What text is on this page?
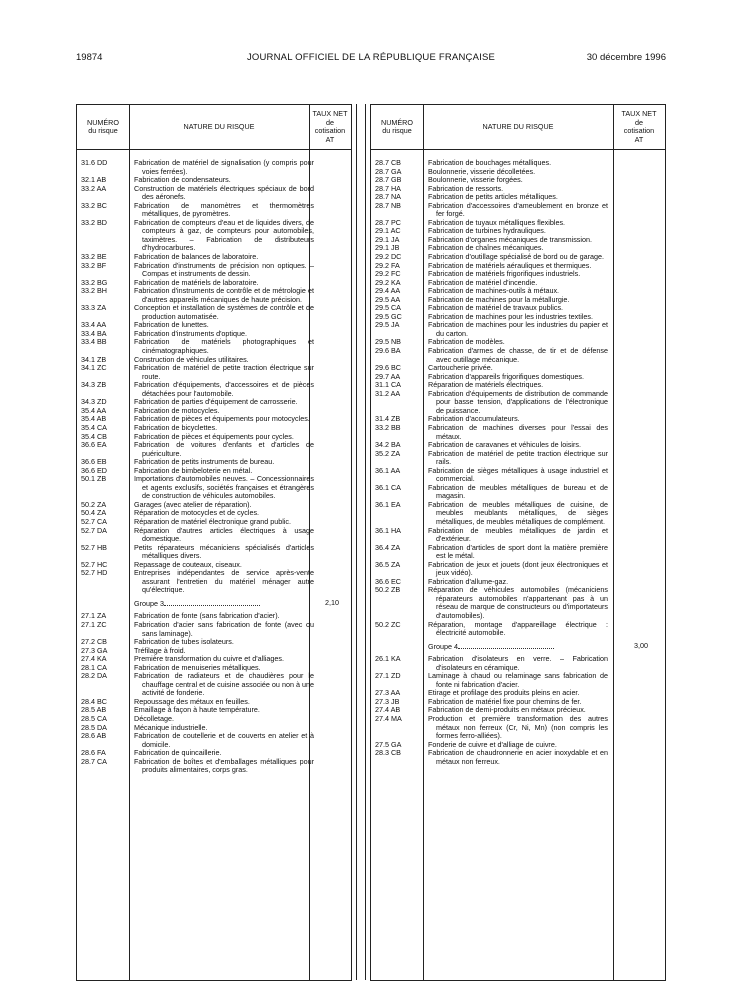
19874	JOURNAL OFFICIEL DE LA RÉPUBLIQUE FRANÇAISE	30 décembre 1996
NUMÉRO
du risque	NATURE DU RISQUE
TAUX NET
de
cotisation
AT
31.6 DD	Fabrication de matériel de signalisation (y compris pour voies ferrées).
32.1 AB	Fabrication de condensateurs.
33.2 AA	Construction de matériels électriques spéciaux de bord des aéronefs.
33.2 BC	Fabrication de manomètres et thermomètres métalliques, de pyromètres.
33.2 BD	Fabrication de compteurs d'eau et de liquides divers, de compteurs à gaz, de compteurs pour automobiles, taximètres. – Fabrication de distributeurs d'hydrocarbures.
33.2 BE	Fabrication de balances de laboratoire.
33.2 BF	Fabrication d'instruments de précision non optiques. – Compas et instruments de dessin.
33.2 BG	Fabrication de matériels de laboratoire.
33.2 BH	Fabrication d'instruments de contrôle et de métrologie et d'autres appareils mécaniques de haute précision.
33.3 ZA	Conception et installation de systèmes de contrôle et de production automatisée.
33.4 AA	Fabrication de lunettes.
33.4 BA	Fabrication d'instruments d'optique.
33.4 BB	Fabrication de matériels photographiques et cinématographiques.
34.1 ZB	Construction de véhicules utilitaires.
34.1 ZC	Fabrication de matériel de petite traction électrique sur route.
34.3 ZB	Fabrication d'équipements, d'accessoires et de pièces détachées pour l'automobile.
34.3 ZD	Fabrication de parties d'équipement de carrosserie.
35.4 AA	Fabrication de motocycles.
35.4 AB	Fabrication de pièces et équipements pour motocycles.
35.4 CA	Fabrication de bicyclettes.
35.4 CB	Fabrication de pièces et équipements pour cycles.
36.6 EA	Fabrication de voitures d'enfants et d'articles de puériculture.
36.6 EB	Fabrication de petits instruments de bureau.
36.6 ED	Fabrication de bimbeloterie en métal.
50.1 ZB	Importations d'automobiles neuves. – Concessionnaires et agents exclusifs, sociétés françaises et étrangères de construction de véhicules automobiles.
50.2 ZA	Garages (avec atelier de réparation).
50.4 ZA	Réparation de motocycles et de cycles.
52.7 CA	Réparation de matériel électronique grand public.
52.7 DA	Réparation d'autres articles électriques à usage domestique.
52.7 HB	Petits réparateurs mécaniciens spécialisés d'articles métalliques divers.
52.7 HC	Repassage de couteaux, ciseaux.
52.7 HD	Entreprises indépendantes de service après-vente assurant l'entretien du matériel ménager autre qu'électrique.
Groupe 3	2,10
27.1 ZA	Fabrication de fonte (sans fabrication d'acier).
27.1 ZC	Fabrication d'acier sans fabrication de fonte (avec ou sans laminage).
27.2 CB	Fabrication de tubes isolateurs.
27.3 GA	Tréfilage à froid.
27.4 KA	Première transformation du cuivre et d'alliages.
28.1 CA	Fabrication de menuiseries métalliques.
28.2 DA	Fabrication de radiateurs et de chaudières pour le chauffage central et de cuisine associée ou non à une activité de fonderie.
28.4 BC	Repoussage des métaux en feuilles.
28.5 AB	Emaillage à façon à haute température.
28.5 CA	Décolletage.
28.5 DA	Mécanique industrielle.
28.6 AB	Fabrication de coutellerie et de couverts en atelier et à domicile.
28.6 FA	Fabrication de quincaillerie.
28.7 CA	Fabrication de boîtes et d'emballages métalliques pour produits alimentaires, corps gras.
NUMÉRO
du risque	NATURE DU RISQUE
TAUX NET
de
cotisation
AT
28.7 CB	Fabrication de bouchages métalliques.
28.7 GA	Boulonnerie, visserie décolletées.
28.7 GB	Boulonnerie, visserie forgées.
28.7 HA	Fabrication de ressorts.
28.7 NA	Fabrication de petits articles métalliques.
28.7 NB	Fabrication d'accessoires d'ameublement en bronze et fer forgé.
28.7 PC	Fabrication de tuyaux métalliques flexibles.
29.1 AC	Fabrication de turbines hydrauliques.
29.1 JA	Fabrication d'organes mécaniques de transmission.
29.1 JB	Fabrication de chaînes mécaniques.
29.2 DC	Fabrication d'outillage spécialisé de bord ou de garage.
29.2 FA	Fabrication de matériels aérauliques et thermiques.
29.2 FC	Fabrication de matériels frigorifiques industriels.
29.2 KA	Fabrication de matériel d'incendie.
29.4 AA	Fabrication de machines-outils à métaux.
29.5 AA	Fabrication de machines pour la métallurgie.
29.5 CA	Fabrication de matériel de travaux publics.
29.5 GC	Fabrication de machines pour les industries textiles.
29.5 JA	Fabrication de machines pour les industries du papier et du carton.
29.5 NB	Fabrication de modèles.
29.6 BA	Fabrication d'armes de chasse, de tir et de défense avec outillage mécanique.
29.6 BC	Cartoucherie privée.
29.7 AA	Fabrication d'appareils frigorifiques domestiques.
31.1 CA	Réparation de matériels électriques.
31.2 AA	Fabrication d'équipements de distribution de commande pour basse tension, d'applications de l'électronique de puissance.
31.4 ZB	Fabrication d'accumulateurs.
33.2 BB	Fabrication de machines diverses pour l'essai des métaux.
34.2 BA	Fabrication de caravanes et véhicules de loisirs.
35.2 ZA	Fabrication de matériel de petite traction électrique sur rails.
36.1 AA	Fabrication de sièges métalliques à usage industriel et commercial.
36.1 CA	Fabrication de meubles métalliques de bureau et de magasin.
36.1 EA	Fabrication de meubles métalliques de cuisine, de meubles meublants métalliques, de sièges métalliques, de meubles métalliques de complément.
36.1 HA	Fabrication de meubles métalliques de jardin et d'extérieur.
36.4 ZA	Fabrication d'articles de sport dont la matière première est le métal.
36.5 ZA	Fabrication de jeux et jouets (dont jeux électroniques et jeux vidéo).
36.6 EC	Fabrication d'allume-gaz.
50.2 ZB	Réparation de véhicules automobiles (mécaniciens réparateurs automobiles n'appartenant pas à un réseau de marque de constructeurs ou d'importateurs d'automobiles).
50.2 ZC	Réparation, montage d'appareillage électrique : électricité automobile.
Groupe 4	3,00
26.1 KA	Fabrication d'isolateurs en verre. – Fabrication d'isolateurs en céramique.
27.1 ZD	Laminage à chaud ou relaminage sans fabrication de fonte ni fabrication d'acier.
27.3 AA	Etirage et profilage des produits pleins en acier.
27.3 JB	Fabrication de matériel fixe pour chemins de fer.
27.4 AB	Fabrication de demi-produits en métaux précieux.
27.4 MA	Production et première transformation des autres métaux non ferreux (Cr, Ni, Mn) (non compris les formes ferro-alliées).
27.5 GA	Fonderie de cuivre et d'alliage de cuivre.
28.3 CB	Fabrication de chaudronnerie en acier inoxydable et en métaux non ferreux.
